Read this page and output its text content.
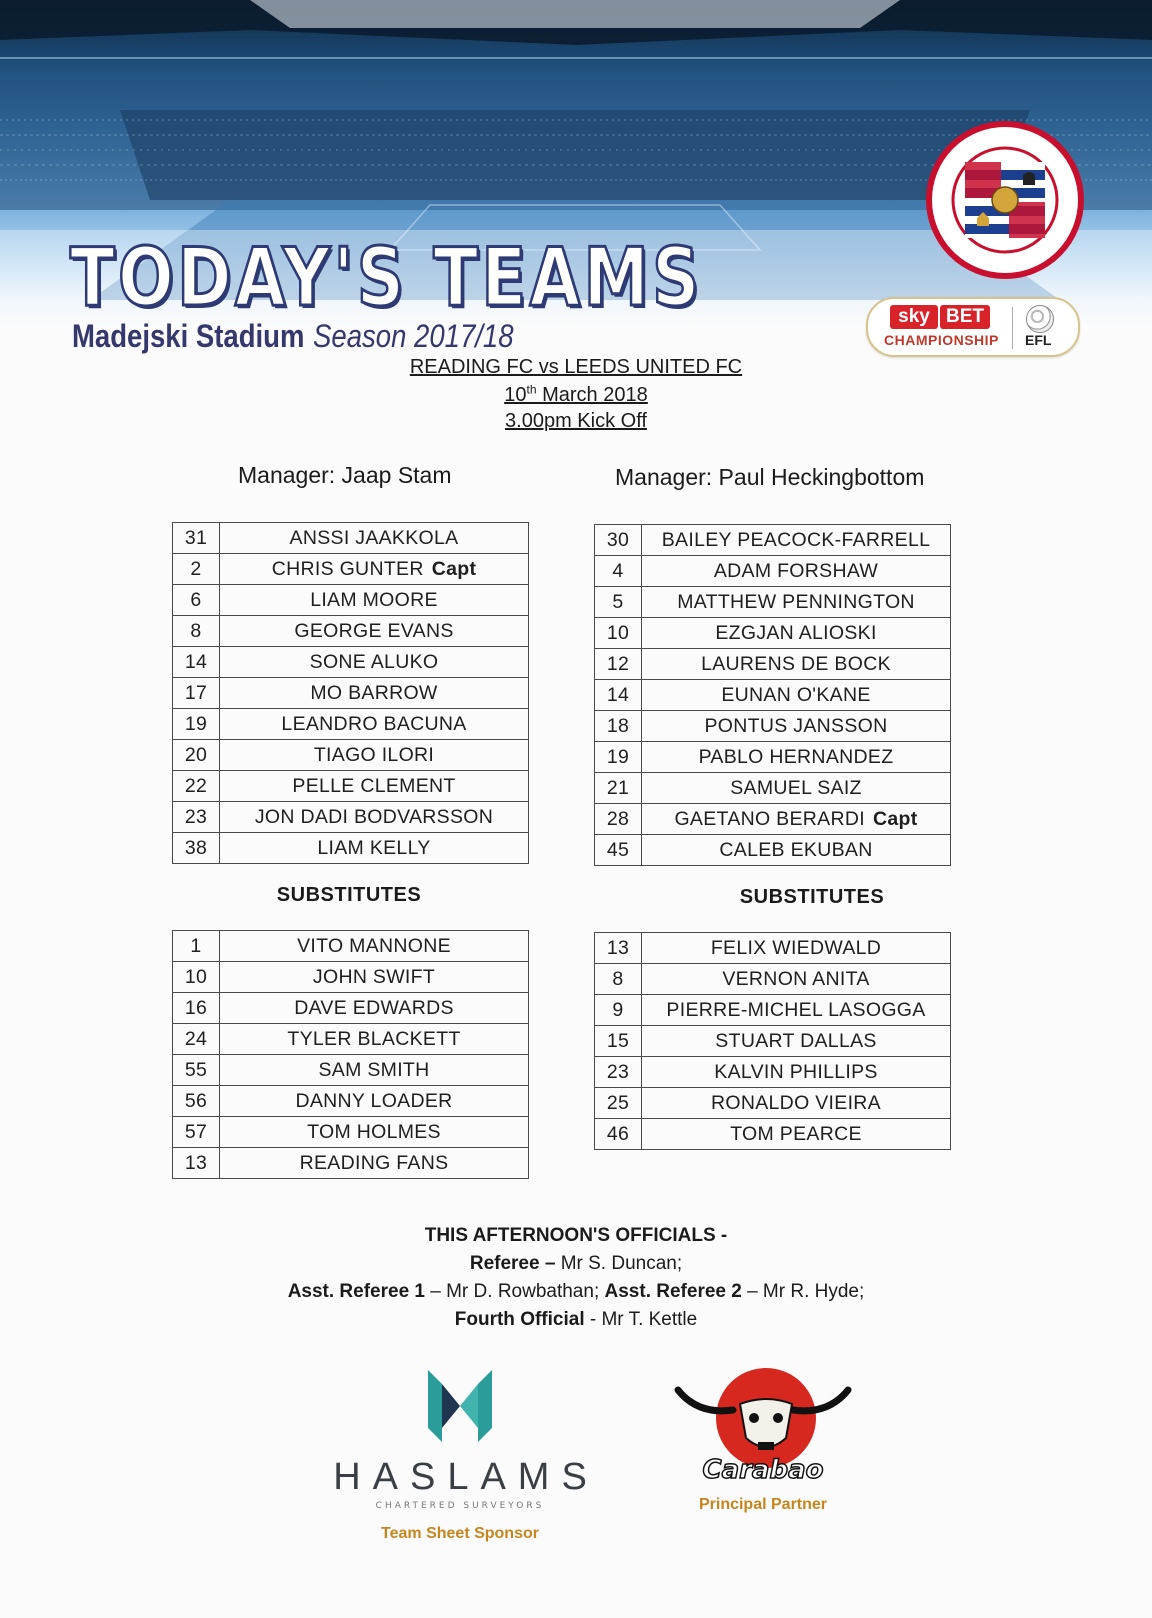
TODAY'S TEAMS	sky BET
CHAMPIONSHIP EFL
Madejski Stadium Season 2017/18
READING FC vs LEEDS UNITED FC
10th March 2018
3.00pm Kick Off
Manager: Jaap Stam
31	ANSSI JAAKKOLA
2	CHRIS GUNTER Capt
6	LIAM MOORE
8	GEORGE EVANS
14	SONE ALUKO
17	MO BARROW
19	LEANDRO BACUNA
20	TIAGO ILORI
22	PELLE CLEMENT
23	JON DADI BODVARSSON
38	LIAM KELLY
SUBSTITUTES
1	VITO MANNONE
10	JOHN SWIFT
16	DAVE EDWARDS
24	TYLER BLACKETT
55	SAM SMITH
56	DANNY LOADER
57	TOM HOLMES
13	READING FANS
Manager: Paul Heckingbottom
30	BAILEY PEACOCK-FARRELL
4	ADAM FORSHAW
5	MATTHEW PENNINGTON
10	EZGJAN ALIOSKI
12	LAURENS DE BOCK
14	EUNAN O'KANE
18	PONTUS JANSSON
19	PABLO HERNANDEZ
21	SAMUEL SAIZ
28	GAETANO BERARDI Capt
45	CALEB EKUBAN
SUBSTITUTES
13	FELIX WIEDWALD
8	VERNON ANITA
9	PIERRE-MICHEL LASOGGA
15	STUART DALLAS
23	KALVIN PHILLIPS
25	RONALDO VIEIRA
46	TOM PEARCE
THIS AFTERNOON'S OFFICIALS -
Referee – Mr S. Duncan;
Asst. Referee 1 – Mr D. Rowbathan; Asst. Referee 2 – Mr R. Hyde;
Fourth Official - Mr T. Kettle
HASLAMS
CHARTERED SURVEYORS
Team Sheet Sponsor
Carabao
Principal Partner
